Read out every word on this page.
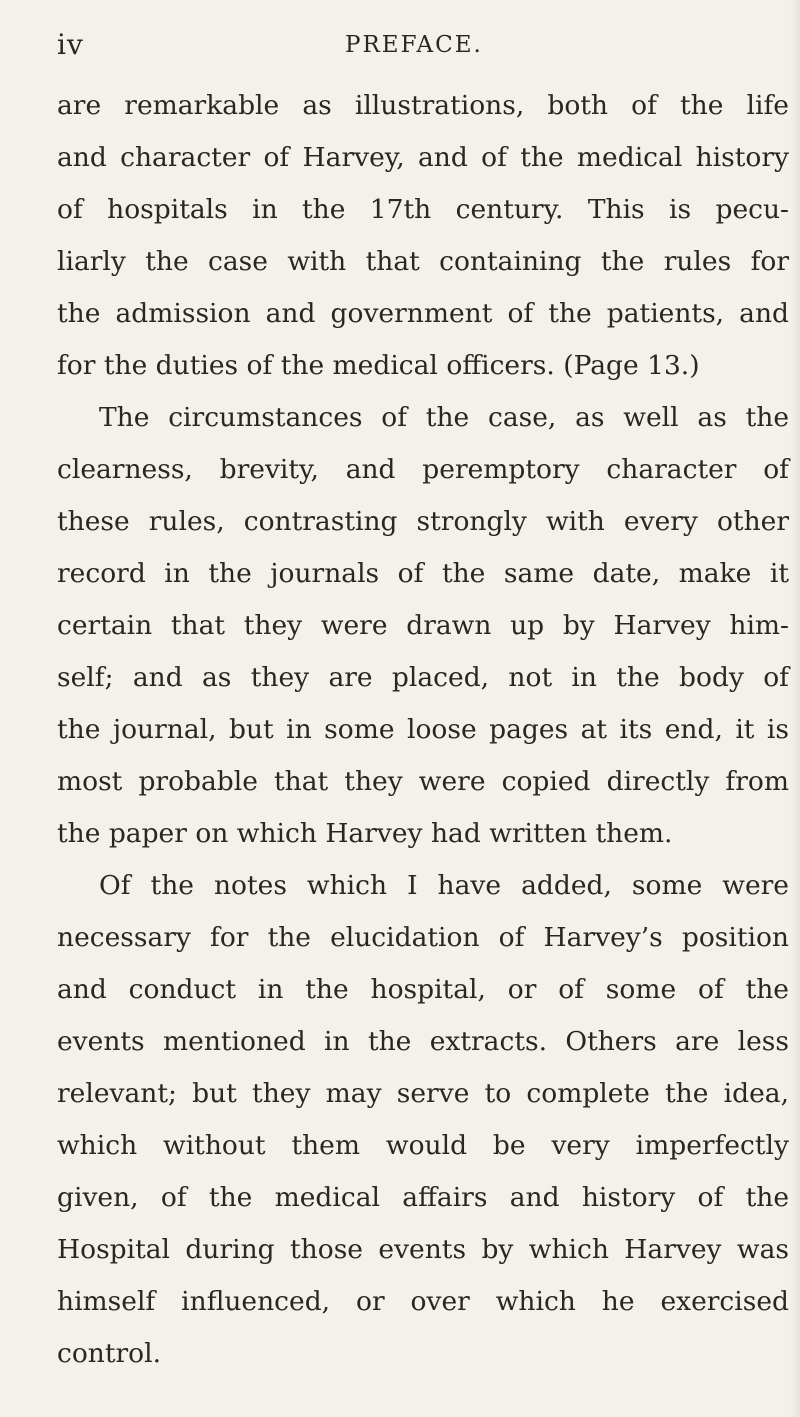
iv	PREFACE.
are remarkable as illustrations, both of the life
and character of Harvey, and of the medical history
of hospitals in the 17th century. This is pecu-
liarly the case with that containing the rules for
the admission and government of the patients, and
for the duties of the medical officers. (Page 13.)
The circumstances of the case, as well as the
clearness, brevity, and peremptory character of
these rules, contrasting strongly with every other
record in the journals of the same date, make it
certain that they were drawn up by Harvey him-
self; and as they are placed, not in the body of
the journal, but in some loose pages at its end, it is
most probable that they were copied directly from
the paper on which Harvey had written them.
Of the notes which I have added, some were
necessary for the elucidation of Harvey’s position
and conduct in the hospital, or of some of the
events mentioned in the extracts. Others are less
relevant; but they may serve to complete the idea,
which without them would be very imperfectly
given, of the medical affairs and history of the
Hospital during those events by which Harvey was
himself influenced, or over which he exercised
control.
